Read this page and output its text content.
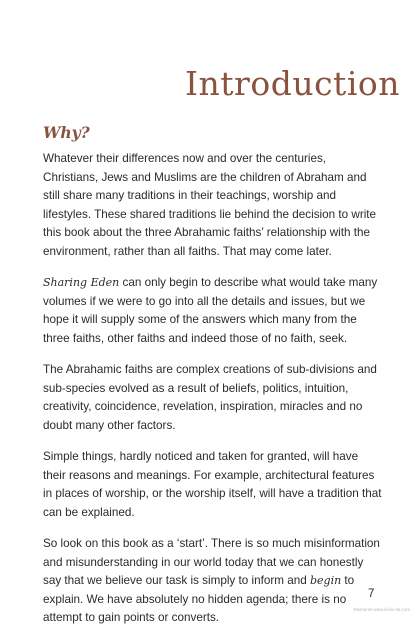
Introduction
Why?

Whatever their differences now and over the centuries, Christians, Jews and Muslims are the children of Abraham and still share many traditions in their teachings, worship and lifestyles. These shared traditions lie behind the decision to write this book about the three Abrahamic faiths’ relationship with the environment, rather than all faiths. That may come later.

Sharing Eden can only begin to describe what would take many volumes if we were to go into all the details and issues, but we hope it will supply some of the answers which many from the three faiths, other faiths and indeed those of no faith, seek.

The Abrahamic faiths are complex creations of sub-divisions and sub-species evolved as a result of beliefs, politics, intuition, creativity, coincidence, revelation, inspiration, miracles and no doubt many other factors.

Simple things, hardly noticed and taken for granted, will have their reasons and meanings. For example, architectural features in places of worship, or the worship itself, will have a tradition that can be explained.

So look on this book as a ‘start’. There is so much misinformation and misunderstanding in our world today that we can honestly say that we believe our task is simply to inform and begin to explain. We have absolutely no hidden agenda; there is no attempt to gain points or converts.

7
Elements www.kicks.tla.com
